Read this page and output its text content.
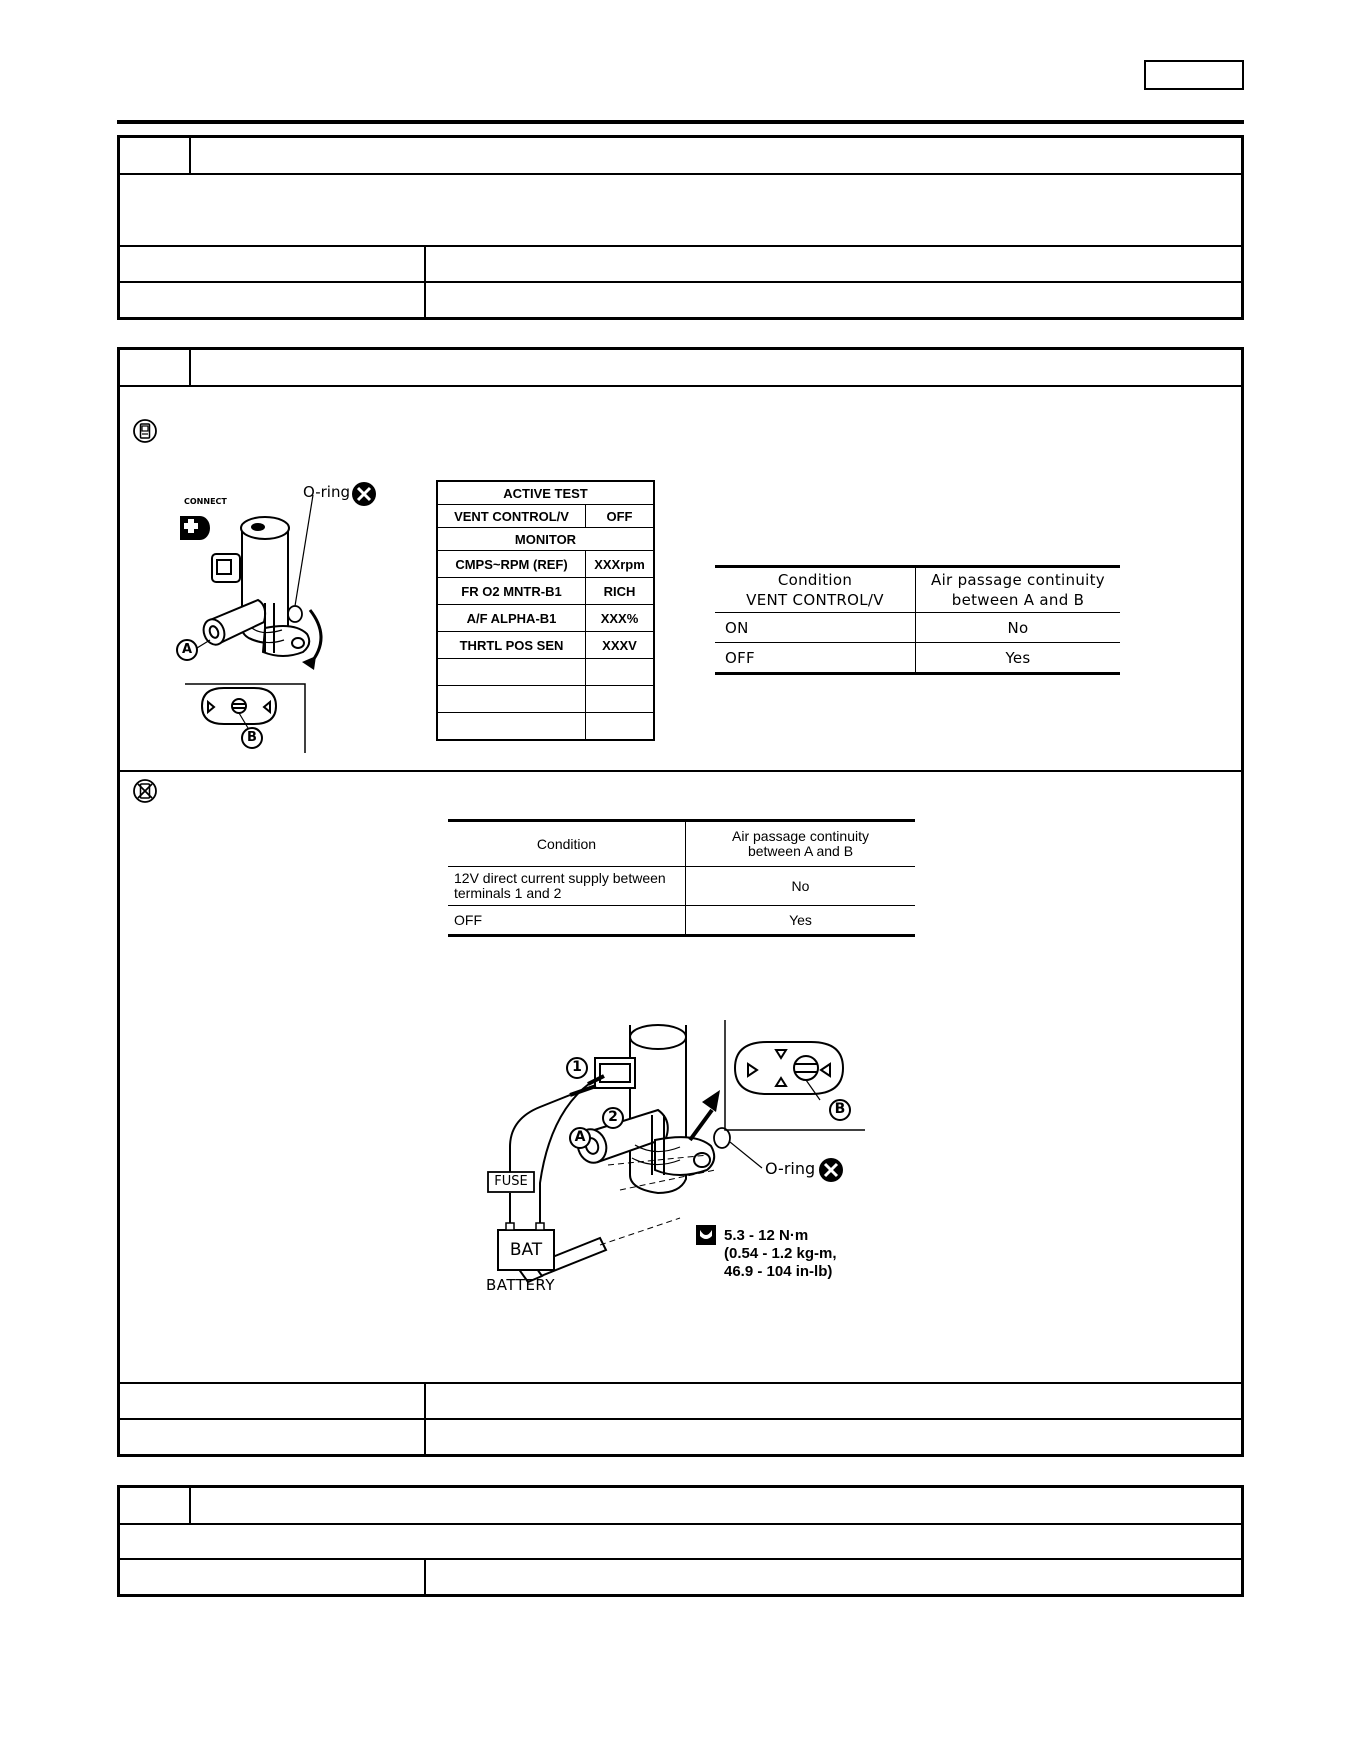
CONNECT
O-ring
A
B
ACTIVE TEST	
VENT CONTROL/V	OFF
MONITOR	
CMPS~RPM (REF)	XXXrpm
FR O2 MNTR-B1	RICH
A/F ALPHA-B1	XXX%
THRTL POS SEN	XXXV

Condition
VENT CONTROL/V	Air passage continuity
between A and B
ON	No
OFF	Yes
Condition	Air passage continuity
between A and B
12V direct current supply between
terminals 1 and 2	No
OFF	Yes
1
2
A
B
O-ring
FUSE
BAT
BATTERY
5.3 - 12 N·m
(0.54 - 1.2 kg-m,
46.9 - 104 in-lb)
